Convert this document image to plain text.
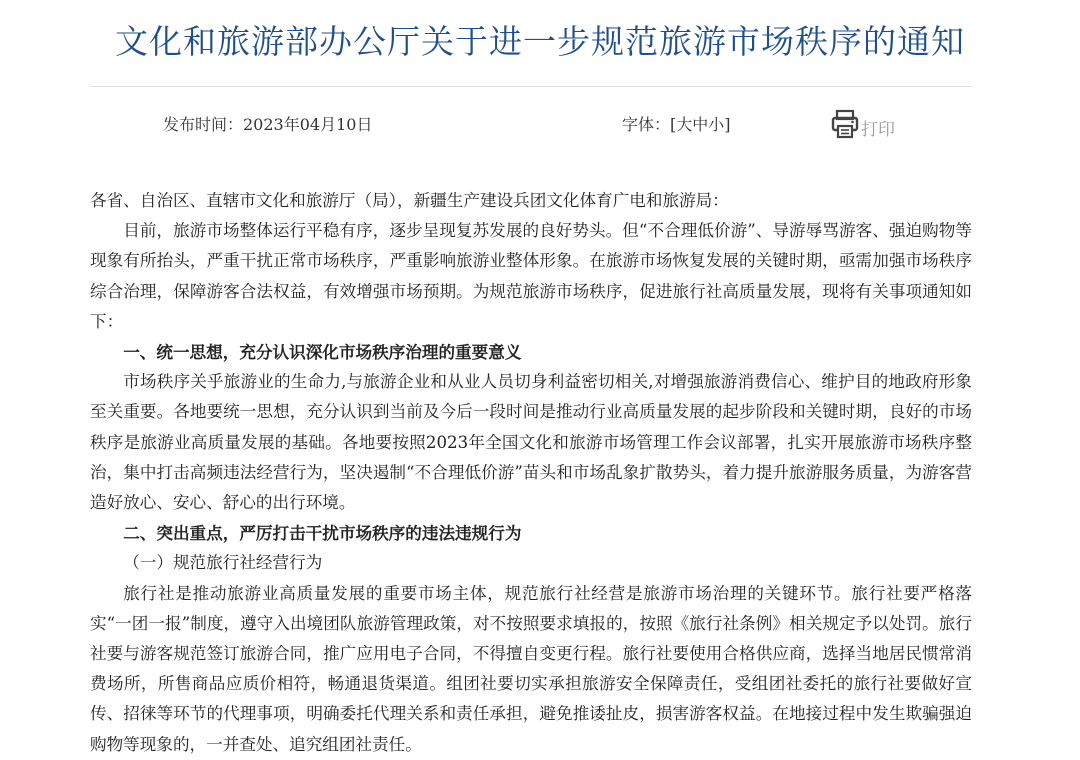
文化和旅游部办公厅关于进一步规范旅游市场秩序的通知
发布时间：2023年04月10日	字体：[大中小]	打印

各省、自治区、直辖市文化和旅游厅（局），新疆生产建设兵团文化体育广电和旅游局：

目前，旅游市场整体运行平稳有序，逐步呈现复苏发展的良好势头。但“不合理低价游”、导游辱骂游客、强迫购物等现象有所抬头，严重干扰正常市场秩序，严重影响旅游业整体形象。在旅游市场恢复发展的关键时期，亟需加强市场秩序综合治理，保障游客合法权益，有效增强市场预期。为规范旅游市场秩序，促进旅行社高质量发展，现将有关事项通知如下：

一、统一思想，充分认识深化市场秩序治理的重要意义

市场秩序关乎旅游业的生命力,与旅游企业和从业人员切身利益密切相关,对增强旅游消费信心、维护目的地政府形象至关重要。各地要统一思想，充分认识到当前及今后一段时间是推动行业高质量发展的起步阶段和关键时期，良好的市场秩序是旅游业高质量发展的基础。各地要按照2023年全国文化和旅游市场管理工作会议部署，扎实开展旅游市场秩序整治，集中打击高频违法经营行为，坚决遏制“不合理低价游”苗头和市场乱象扩散势头，着力提升旅游服务质量，为游客营造好放心、安心、舒心的出行环境。

二、突出重点，严厉打击干扰市场秩序的违法违规行为

（一）规范旅行社经营行为

旅行社是推动旅游业高质量发展的重要市场主体，规范旅行社经营是旅游市场治理的关键环节。旅行社要严格落实“一团一报”制度，遵守入出境团队旅游管理政策，对不按照要求填报的，按照《旅行社条例》相关规定予以处罚。旅行社要与游客规范签订旅游合同，推广应用电子合同，不得擅自变更行程。旅行社要使用合格供应商，选择当地居民惯常消费场所，所售商品应质价相符，畅通退货渠道。组团社要切实承担旅游安全保障责任，受组团社委托的旅行社要做好宣传、招徕等环节的代理事项，明确委托代理关系和责任承担，避免推诿扯皮，损害游客权益。在地接过程中发生欺骗强迫购物等现象的，一并查处、追究组团社责任。
